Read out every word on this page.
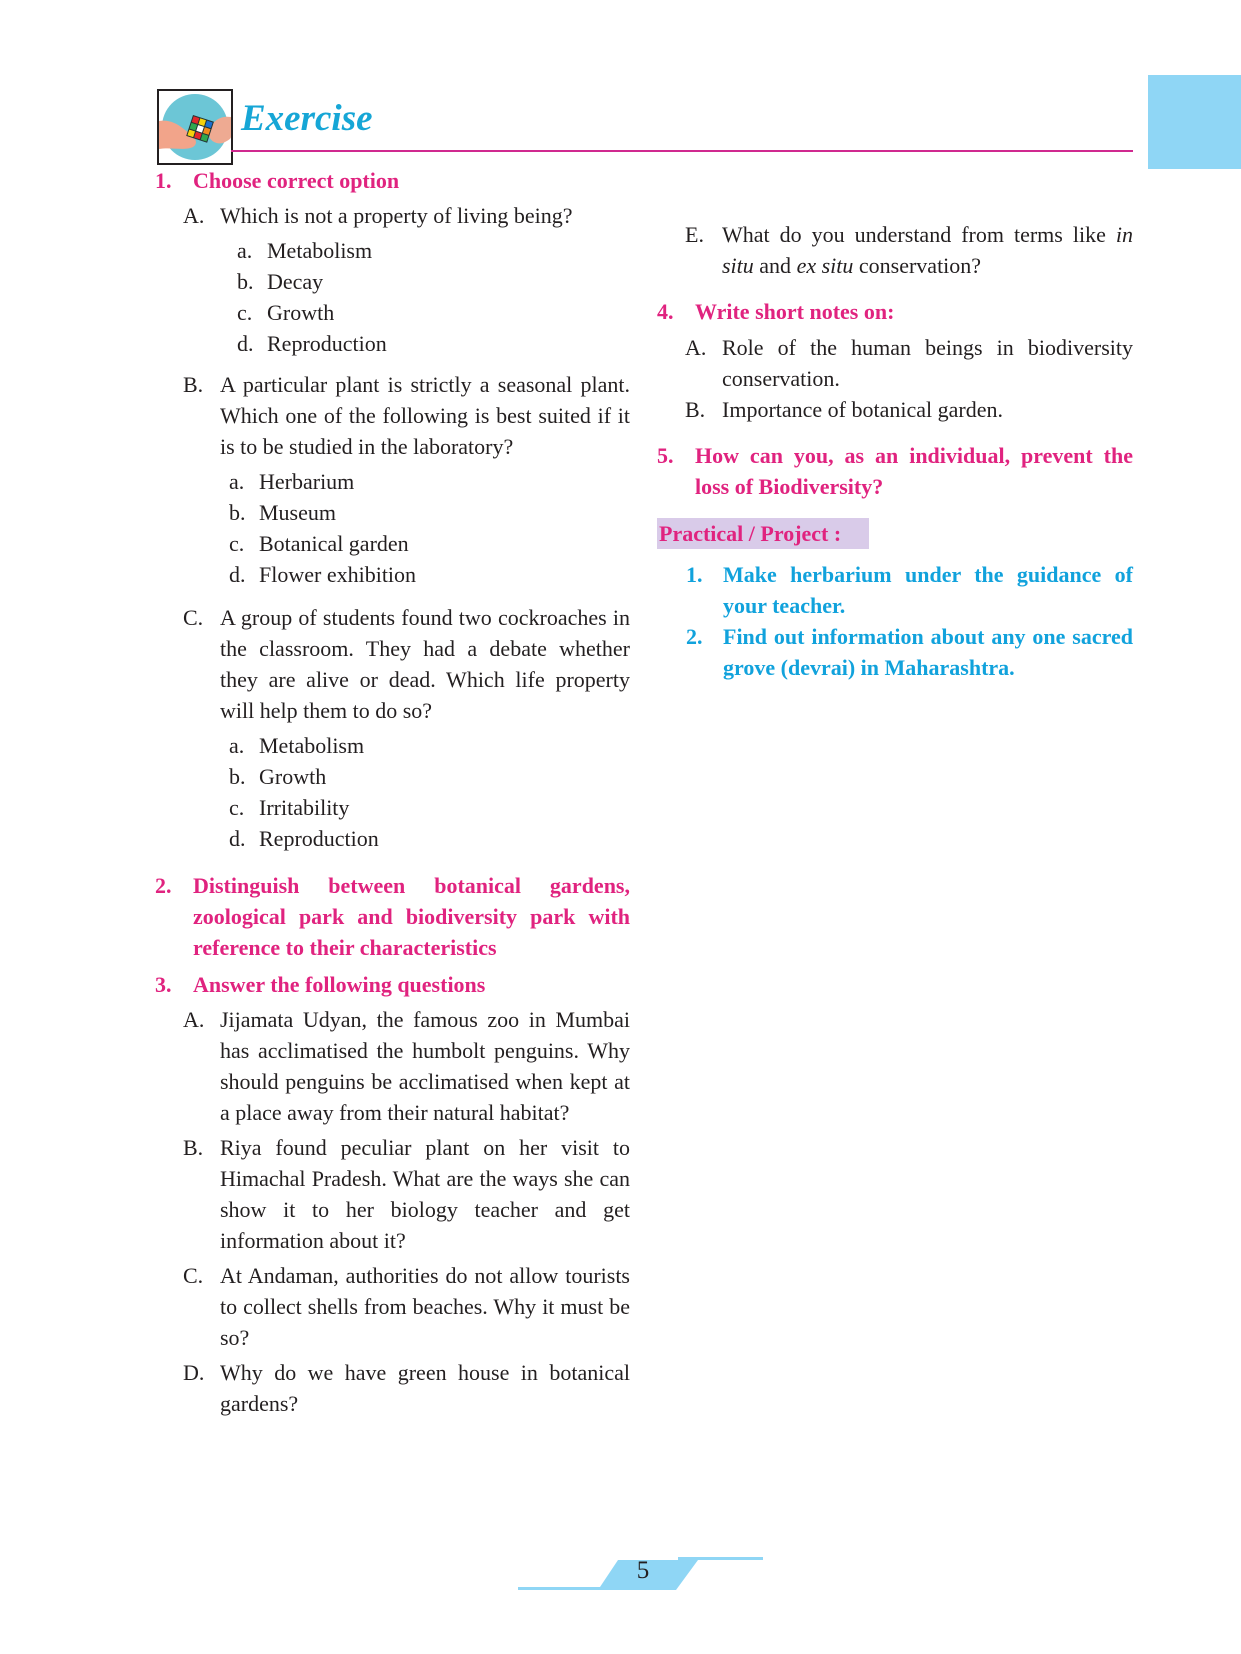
Exercise
1. Choose correct option
A. Which is not a property of living being?
a. Metabolism
b. Decay
c. Growth
d. Reproduction
B. A particular plant is strictly a seasonal plant. Which one of the following is best suited if it is to be studied in the laboratory?
a. Herbarium
b. Museum
c. Botanical garden
d. Flower exhibition
C. A group of students found two cockroaches in the classroom. They had a debate whether they are alive or dead. Which life property will help them to do so?
a. Metabolism
b. Growth
c. Irritability
d. Reproduction
2. Distinguish between botanical gardens, zoological park and biodiversity park with reference to their characteristics
3. Answer the following questions
A. Jijamata Udyan, the famous zoo in Mumbai has acclimatised the humbolt penguins. Why should penguins be acclimatised when kept at a place away from their natural habitat?
B. Riya found peculiar plant on her visit to Himachal Pradesh. What are the ways she can show it to her biology teacher and get information about it?
C. At Andaman, authorities do not allow tourists to collect shells from beaches. Why it must be so?
D. Why do we have green house in botanical gardens?
E. What do you understand from terms like in situ and ex situ conservation?
4. Write short notes on:
A. Role of the human beings in biodiversity conservation.
B. Importance of botanical garden.
5. How can you, as an individual, prevent the loss of Biodiversity?
Practical / Project :
1. Make herbarium under the guidance of your teacher.
2. Find out information about any one sacred grove (devrai) in Maharashtra.
5
